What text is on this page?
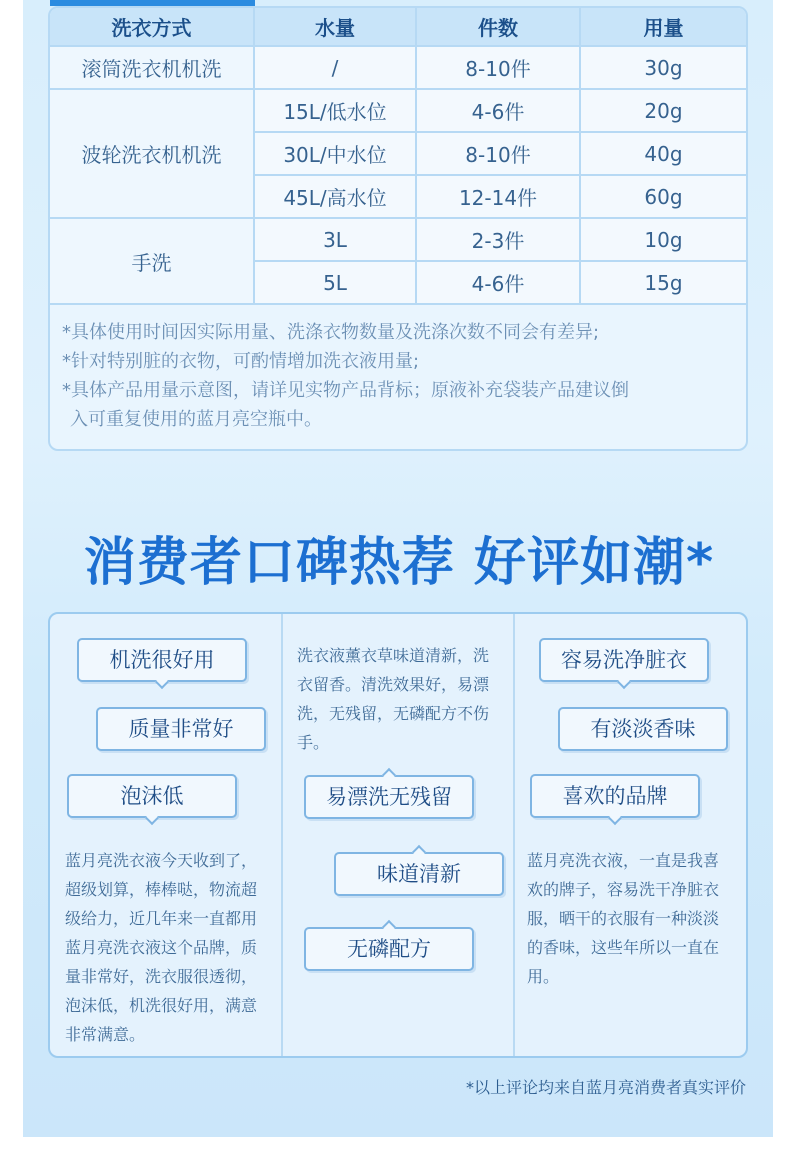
洗衣方式	水量	件数	用量
滚筒洗衣机机洗	/	8-10件	30g
波轮洗衣机机洗	15L/低水位	4-6件	20g
	30L/中水位	8-10件	40g
	45L/高水位	12-14件	60g
手洗	3L	2-3件	10g
	5L	4-6件	15g
*具体使用时间因实际用量、洗涤衣物数量及洗涤次数不同会有差异;
*针对特别脏的衣物，可酌情增加洗衣液用量;
*具体产品用量示意图，请详见实物产品背标；原液补充袋装产品建议倒
入可重复使用的蓝月亮空瓶中。
消费者口碑热荐 好评如潮*
机洗很好用
质量非常好
泡沫低
蓝月亮洗衣液今天收到了，
超级划算，棒棒哒，物流超
级给力，近几年来一直都用
蓝月亮洗衣液这个品牌，质
量非常好，洗衣服很透彻，
泡沫低，机洗很好用，满意
非常满意。
洗衣液薰衣草味道清新，洗
衣留香。清洗效果好，易漂
洗，无残留，无磷配方不伤
手。
易漂洗无残留
味道清新
无磷配方
容易洗净脏衣
有淡淡香味
喜欢的品牌
蓝月亮洗衣液，一直是我喜
欢的牌子，容易洗干净脏衣
服，晒干的衣服有一种淡淡
的香味，这些年所以一直在
用。
*以上评论均来自蓝月亮消费者真实评价
